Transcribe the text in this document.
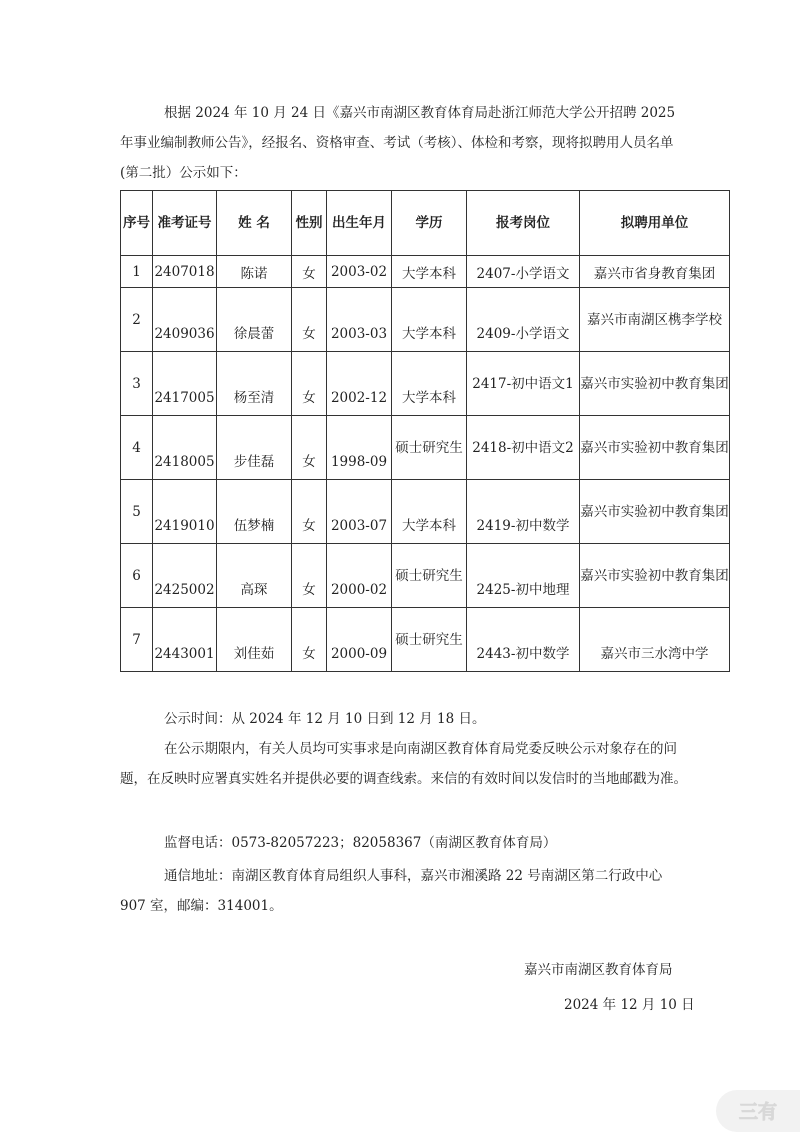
根据 2024 年 10 月 24 日《嘉兴市南湖区教育体育局赴浙江师范大学公开招聘 2025 年事业编制教师公告》，经报名、资格审查、考试（考核）、体检和考察，现将拟聘用人员名单(第二批）公示如下：

序号	准考证号	姓 名	性别	出生年月	学历	报考岗位	拟聘用单位
1	2407018	陈诺	女	2003-02	大学本科	2407-小学语文	嘉兴市省身教育集团
2	2409036	徐晨蕾	女	2003-03	大学本科	2409-小学语文	嘉兴市南湖区槜李学校
3	2417005	杨至清	女	2002-12	大学本科	2417-初中语文1	嘉兴市实验初中教育集团
4	2418005	步佳磊	女	1998-09	硕士研究生	2418-初中语文2	嘉兴市实验初中教育集团
5	2419010	伍梦楠	女	2003-07	大学本科	2419-初中数学	嘉兴市实验初中教育集团
6	2425002	高琛	女	2000-02	硕士研究生	2425-初中地理	嘉兴市实验初中教育集团
7	2443001	刘佳茹	女	2000-09	硕士研究生	2443-初中数学	嘉兴市三水湾中学

公示时间：从 2024 年 12 月 10 日到 12 月 18 日。

在公示期限内，有关人员均可实事求是向南湖区教育体育局党委反映公示对象存在的问题，在反映时应署真实姓名并提供必要的调查线索。来信的有效时间以发信时的当地邮戳为准。

监督电话：0573-82057223；82058367（南湖区教育体育局）

通信地址：南湖区教育体育局组织人事科，嘉兴市湘溪路 22 号南湖区第二行政中心 907 室，邮编：314001。

嘉兴市南湖区教育体育局
2024 年 12 月 10 日
三有
